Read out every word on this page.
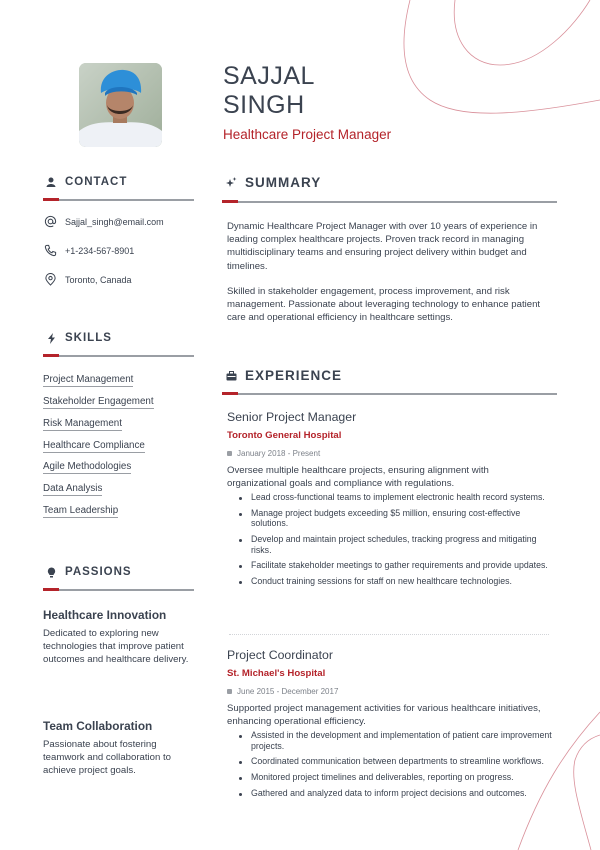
SAJJAL
SINGH
Healthcare Project Manager
CONTACT
Sajjal_singh@email.com
+1-234-567-8901
Toronto, Canada
SKILLS
Project Management
Stakeholder Engagement
Risk Management
Healthcare Compliance
Agile Methodologies
Data Analysis
Team Leadership
PASSIONS
Healthcare Innovation
Dedicated to exploring new technologies that improve patient outcomes and healthcare delivery.
Team Collaboration
Passionate about fostering teamwork and collaboration to achieve project goals.
SUMMARY

Dynamic Healthcare Project Manager with over 10 years of experience in leading complex healthcare projects. Proven track record in managing multidisciplinary teams and ensuring project delivery within budget and timelines.

Skilled in stakeholder engagement, process improvement, and risk management. Passionate about leveraging technology to enhance patient care and operational efficiency in healthcare settings.

EXPERIENCE
Senior Project Manager
Toronto General Hospital
January 2018 - Present

Oversee multiple healthcare projects, ensuring alignment with organizational goals and compliance with regulations.

Lead cross-functional teams to implement electronic health record systems.
Manage project budgets exceeding $5 million, ensuring cost-effective solutions.
Develop and maintain project schedules, tracking progress and mitigating risks.
Facilitate stakeholder meetings to gather requirements and provide updates.
Conduct training sessions for staff on new healthcare technologies.
Project Coordinator
St. Michael's Hospital
June 2015 - December 2017

Supported project management activities for various healthcare initiatives, enhancing operational efficiency.

Assisted in the development and implementation of patient care improvement projects.
Coordinated communication between departments to streamline workflows.
Monitored project timelines and deliverables, reporting on progress.
Gathered and analyzed data to inform project decisions and outcomes.
